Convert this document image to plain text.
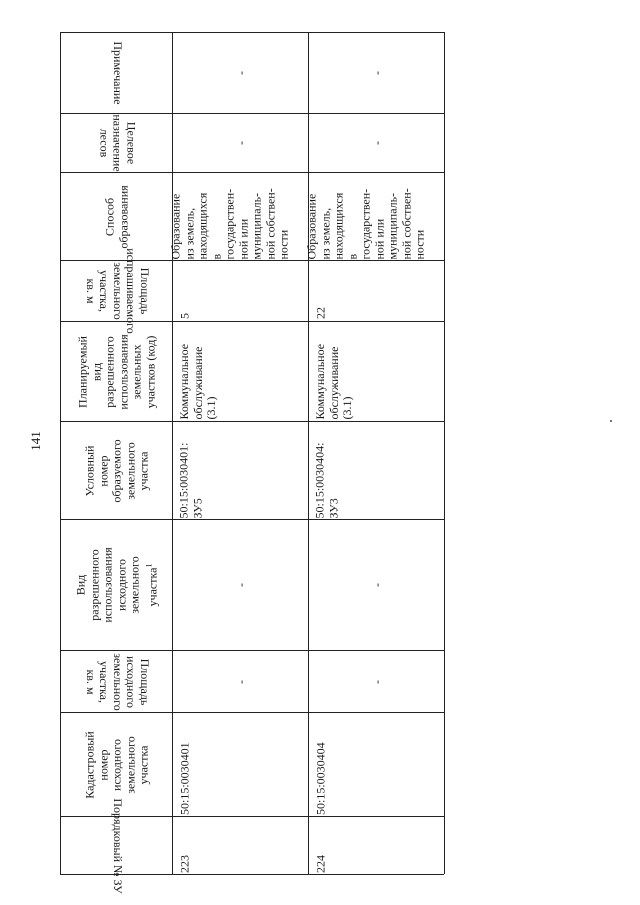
141
Примечание
Целевое
назначение лесов
Способ
образования
Площадь
испрашиваемого
земельного участка,
кв. м
Планируемый
вид
разрешенного
использования
земельных
участков (код)
Условный
номер
образуемого
земельного
участка
Вид разрешенного
использования
исходного
земельного участка$^1$
Площадь
исходного
земельного
участка, кв. м
Кадастровый
номер
исходного
земельного
участка
Порядковый № ЗУ
-
-
Образование
из земель,
находящихся
в
государствен-
ной или
муниципаль-
ной собствен-
ности
5
Коммунальное
обслуживание
(3.1)
50:15:0030401:
ЗУ5
-
-
50:15:0030401
223
-
-
Образование
из земель,
находящихся
в
государствен-
ной или
муниципаль-
ной собствен-
ности
22
Коммунальное
обслуживание
(3.1)
50:15:0030404:
ЗУ3
-
-
50:15:0030404
224
